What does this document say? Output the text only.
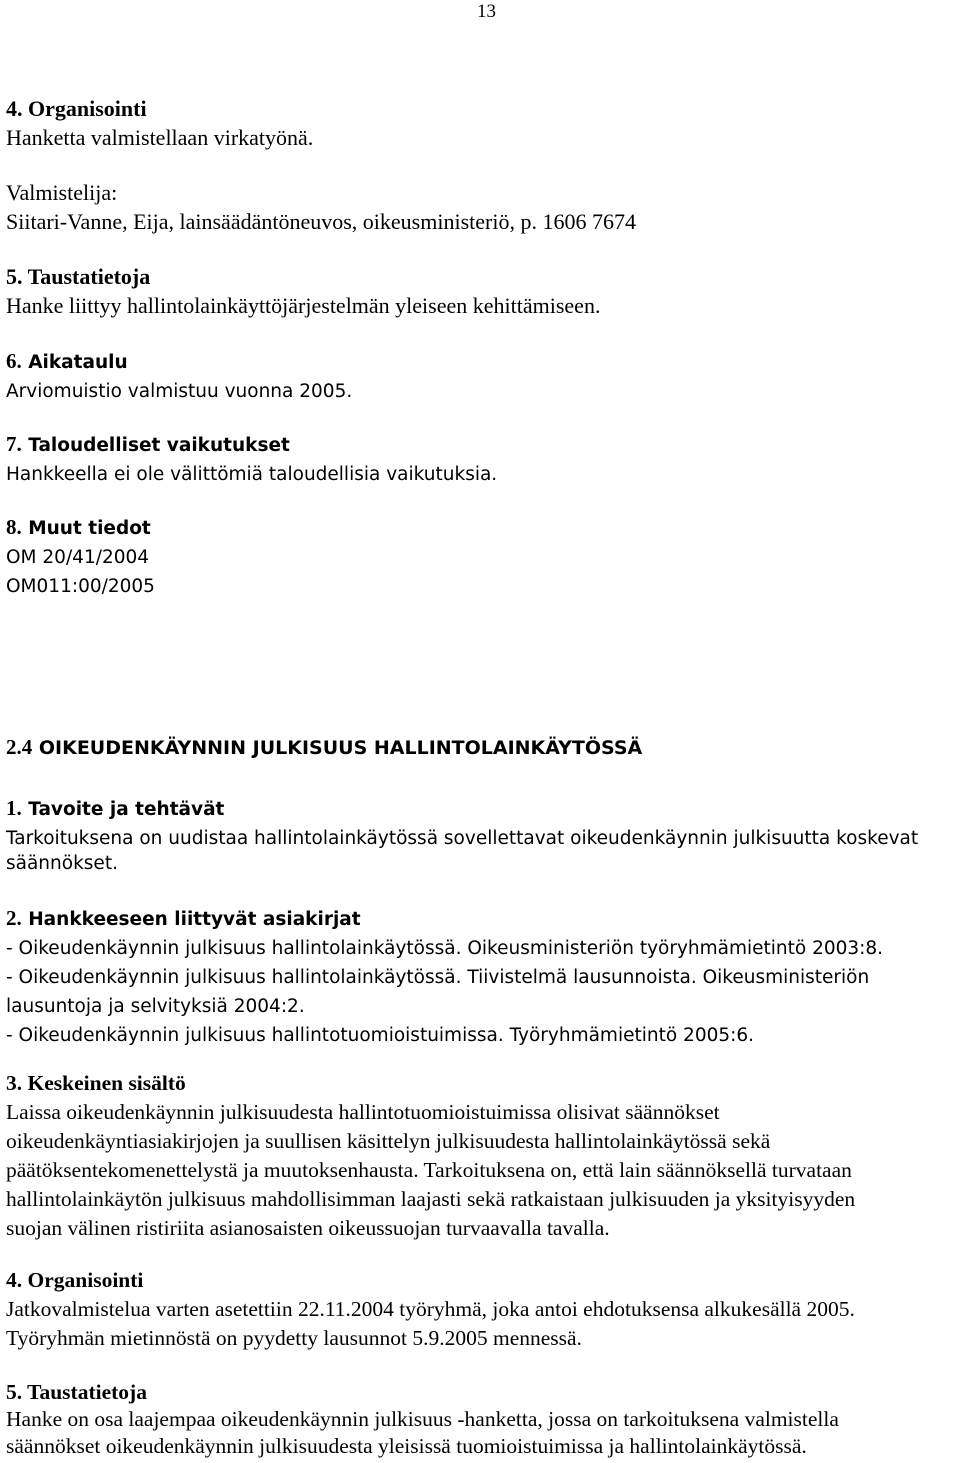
13
4. Organisointi
Hanketta valmistellaan virkatyönä.
Valmistelija:
Siitari-Vanne, Eija, lainsäädäntöneuvos, oikeusministeriö, p. 1606 7674
5. Taustatietoja
Hanke liittyy hallintolainkäyttöjärjestelmän yleiseen kehittämiseen.
6. Aikataulu
Arviomuistio valmistuu vuonna 2005.
7. Taloudelliset vaikutukset
Hankkeella ei ole välittömiä taloudellisia vaikutuksia.
8. Muut tiedot
OM 20/41/2004
OM011:00/2005
2.4 OIKEUDENKÄYNNIN JULKISUUS HALLINTOLAINKÄYTÖSSÄ
1. Tavoite ja tehtävät
Tarkoituksena on uudistaa hallintolainkäytössä sovellettavat oikeudenkäynnin julkisuutta koskevat
säännökset.
2. Hankkeeseen liittyvät asiakirjat
- Oikeudenkäynnin julkisuus hallintolainkäytössä. Oikeusministeriön työryhmämietintö 2003:8.
- Oikeudenkäynnin julkisuus hallintolainkäytössä. Tiivistelmä lausunnoista. Oikeusministeriön
lausuntoja ja selvityksiä 2004:2.
- Oikeudenkäynnin julkisuus hallintotuomioistuimissa. Työryhmämietintö 2005:6.
3. Keskeinen sisältö
Laissa oikeudenkäynnin julkisuudesta hallintotuomioistuimissa olisivat säännökset
oikeudenkäyntiasiakirjojen ja suullisen käsittelyn julkisuudesta hallintolainkäytössä sekä
päätöksentekomenettelystä ja muutoksenhausta. Tarkoituksena on, että lain säännöksellä turvataan
hallintolainkäytön julkisuus mahdollisimman laajasti sekä ratkaistaan julkisuuden ja yksityisyyden
suojan välinen ristiriita asianosaisten oikeussuojan turvaavalla tavalla.
4. Organisointi
Jatkovalmistelua varten asetettiin 22.11.2004 työryhmä, joka antoi ehdotuksensa alkukesällä 2005.
Työryhmän mietinnöstä on pyydetty lausunnot 5.9.2005 mennessä.
5. Taustatietoja
Hanke on osa laajempaa oikeudenkäynnin julkisuus -hanketta, jossa on tarkoituksena valmistella
säännökset oikeudenkäynnin julkisuudesta yleisissä tuomioistuimissa ja hallintolainkäytössä.
